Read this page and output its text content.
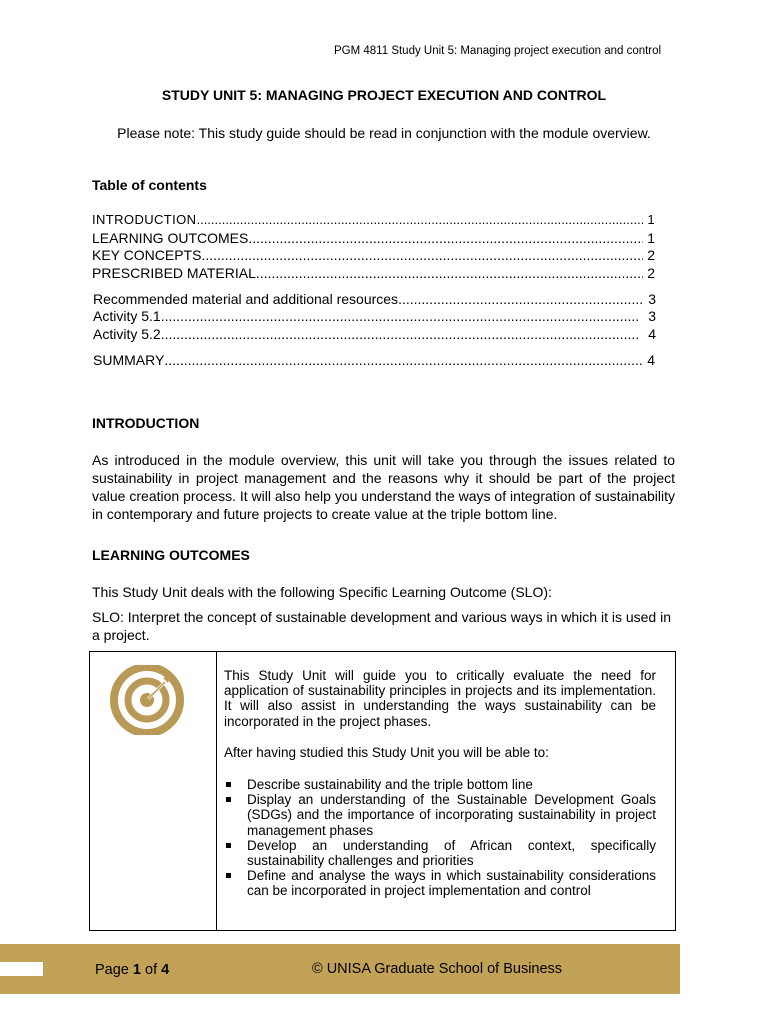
PGM 4811 Study Unit 5: Managing project execution and control
STUDY UNIT 5: MANAGING PROJECT EXECUTION AND CONTROL
Please note: This study guide should be read in conjunction with the module overview.
Table of contents
INTRODUCTION .....	1
LEARNING OUTCOMES .....	1
KEY CONCEPTS .....	2
PRESCRIBED MATERIAL .....	2
Recommended material and additional resources .....	3
Activity 5.1 .....	3
Activity 5.2 .....	4
SUMMARY .....	4
INTRODUCTION
As introduced in the module overview, this unit will take you through the issues related to sustainability in project management and the reasons why it should be part of the project value creation process. It will also help you understand the ways of integration of sustainability in contemporary and future projects to create value at the triple bottom line.
LEARNING OUTCOMES
This Study Unit deals with the following Specific Learning Outcome (SLO):
SLO: Interpret the concept of sustainable development and various ways in which it is used in a project.

This Study Unit will guide you to critically evaluate the need for application of sustainability principles in projects and its implementation. It will also assist in understanding the ways sustainability can be incorporated in the project phases.

After having studied this Study Unit you will be able to:

Describe sustainability and the triple bottom line
Display an understanding of the Sustainable Development Goals (SDGs) and the importance of incorporating sustainability in project management phases
Develop an understanding of African context, specifically sustainability challenges and priorities
Define and analyse the ways in which sustainability considerations can be incorporated in project implementation and control
Page 1 of 4	© UNISA Graduate School of Business
